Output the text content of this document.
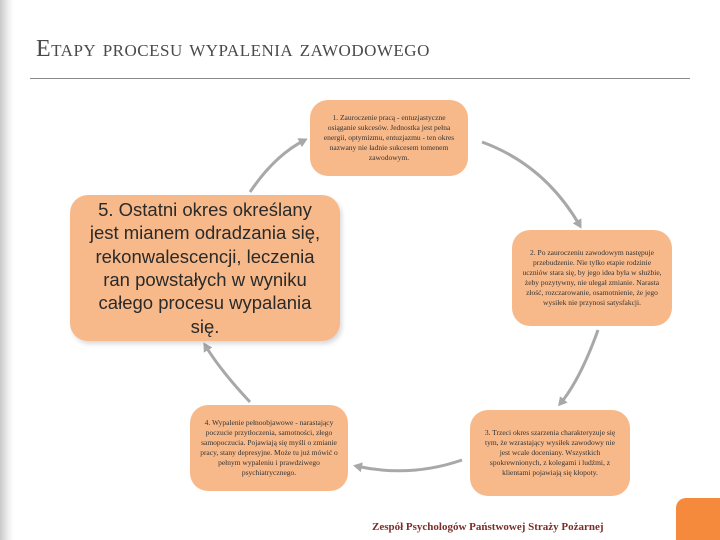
Etapy procesu wypalenia zawodowego
1. Zauroczenie pracą - entuzjastyczne osiąganie sukcesów. Jednostka jest pełna energii, optymizmu, entuzjazmu - ten okres nazwany nie ładnie sukcesem tomenem zawodowym.
2. Po zauroczeniu zawodowym następuje przebudzenie. Nie tylko etapie rodzinie uczniów stara się, by jego idea była w służbie, żeby pozytywny, nie ulegał zmianie. Narasta złość, rozczarowanie, osamotnienie, że jego wysiłek nie przynosi satysfakcji.
3. Trzeci okres szarzenia charakteryzuje się tym, że wzrastający wysiłek zawodowy nie jest wcale doceniany. Wszystkich spokrewnionych, z kolegami i ludźmi, z klientami pojawiają się kłopoty.
4. Wypalenie pełnoobjawowe - narastający poczucie przytłoczenia, samotności, złego samopoczucia. Pojawiają się myśli o zmianie pracy, stany depresyjne. Może tu już mówić o pełnym wypaleniu i prawdziwego psychiatrycznego.
5. Ostatni okres określany jest mianem odradzania się, rekonwalescencji, leczenia ran powstałych w wyniku całego procesu wypalania się.
Zespół Psychologów Państwowej Straży Pożarnej
